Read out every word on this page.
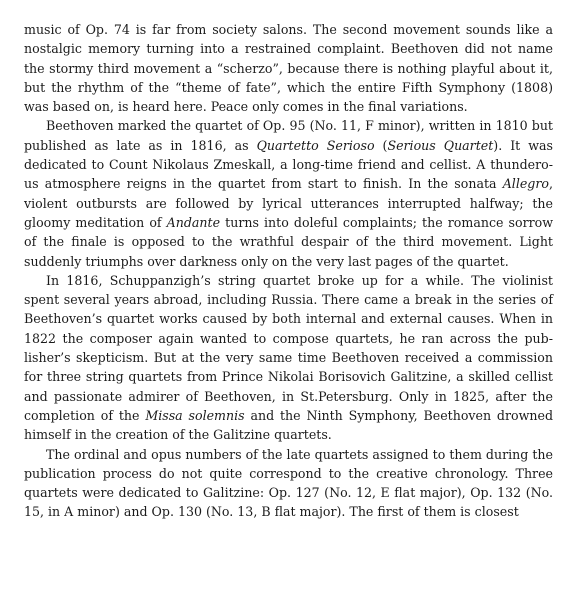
music of Op. 74 is far from society salons. The second movement sounds like a nostalgic memory turning into a restrained complaint. Beethoven did not name the stormy third movement a “scherzo”, because there is nothing playful about it, but the rhythm of the “theme of fate”, which the entire Fifth Symphony (1808) was based on, is heard here. Peace only comes in the final variations.

Beethoven marked the quartet of Op. 95 (No. 11, F minor), written in 1810 but published as late as in 1816, as Quartetto Serioso (Serious Quartet). It was dedicated to Count Nikolaus Zmeskall, a long-time friend and cellist. A thunderous atmosphere reigns in the quartet from start to finish. In the sonata Allegro, violent outbursts are followed by lyrical utterances interrupted halfway; the gloomy meditation of Andante turns into doleful complaints; the romance sorrow of the finale is opposed to the wrathful despair of the third movement. Light suddenly triumphs over darkness only on the very last pages of the quartet.

In 1816, Schuppanzigh’s string quartet broke up for a while. The violinist spent several years abroad, including Russia. There came a break in the series of Beethoven’s quartet works caused by both internal and external causes. When in 1822 the composer again wanted to compose quartets, he ran across the publisher’s skepticism. But at the very same time Beethoven received a commission for three string quartets from Prince Nikolai Borisovich Galitzine, a skilled cellist and passionate admirer of Beethoven, in St.Petersburg. Only in 1825, after the completion of the Missa solemnis and the Ninth Symphony, Beethoven drowned himself in the creation of the Galitzine quartets.

The ordinal and opus numbers of the late quartets assigned to them during the publication process do not quite correspond to the creative chronology. Three quartets were dedicated to Galitzine: Op. 127 (No. 12, E flat major), Op. 132 (No. 15, in A minor) and Op. 130 (No. 13, B flat major). The first of them is closest
